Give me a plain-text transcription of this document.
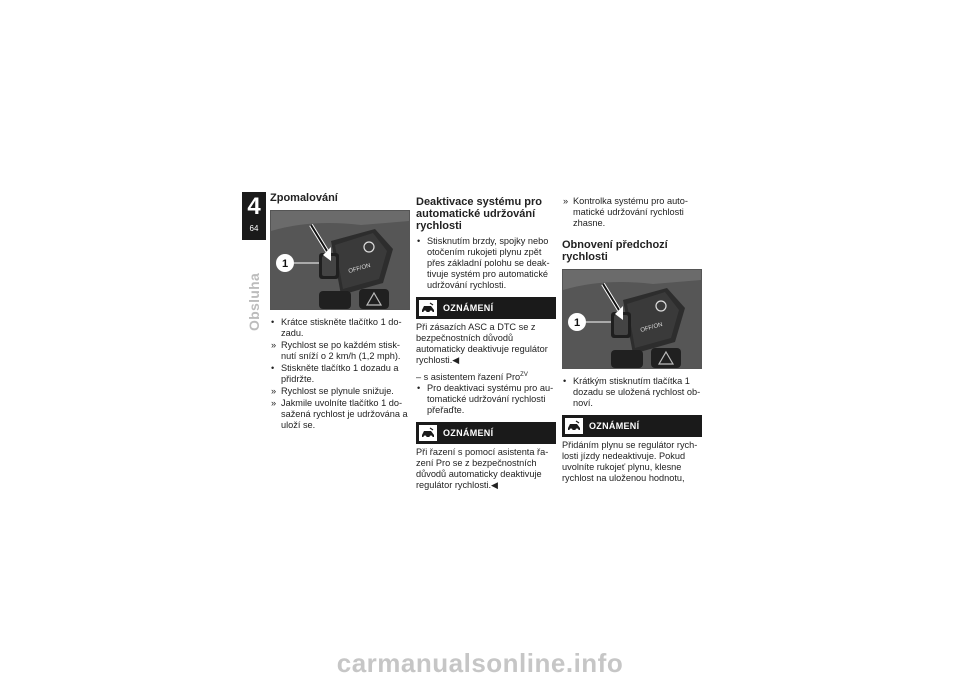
4
64
Obsluha
Zpomalování
OFF/ON
1
• Krátce stiskněte tlačítko 1 do-zadu.
» Rychlost se po každém stisk-nutí sníží o 2 km/h (1,2 mph).
• Stiskněte tlačítko 1 dozadu a přidržte.
» Rychlost se plynule snižuje.
» Jakmile uvolníte tlačítko 1 do-sažená rychlost je udržována a uloží se.
Deaktivace systému pro automatické udržování rychlosti
• Stisknutím brzdy, spojky nebo otočením rukojeti plynu zpět přes základní polohu se deak-tivuje systém pro automatické udržování rychlosti.
OZNÁMENÍ

Při zásazích ASC a DTC se z bezpečnostních důvodů automaticky deaktivuje regulátor rychlosti.◀

– s asistentem řazení Pro$^{ZV}$
• Pro deaktivaci systému pro au-tomatické udržování rychlosti přeřaďte.
OZNÁMENÍ

Při řazení s pomocí asistenta řa-zení Pro se z bezpečnostních důvodů automaticky deaktivuje regulátor rychlosti.◀

» Kontrolka systému pro auto-matické udržování rychlosti zhasne.
Obnovení předchozí rychlosti
OFF/ON
1
• Krátkým stisknutím tlačítka 1 dozadu se uložená rychlost ob-noví.
OZNÁMENÍ

Přidáním plynu se regulátor rych-losti jízdy nedeaktivuje. Pokud uvolníte rukojeť plynu, klesne rychlost na uloženou hodnotu,

carmanualsonline.info
